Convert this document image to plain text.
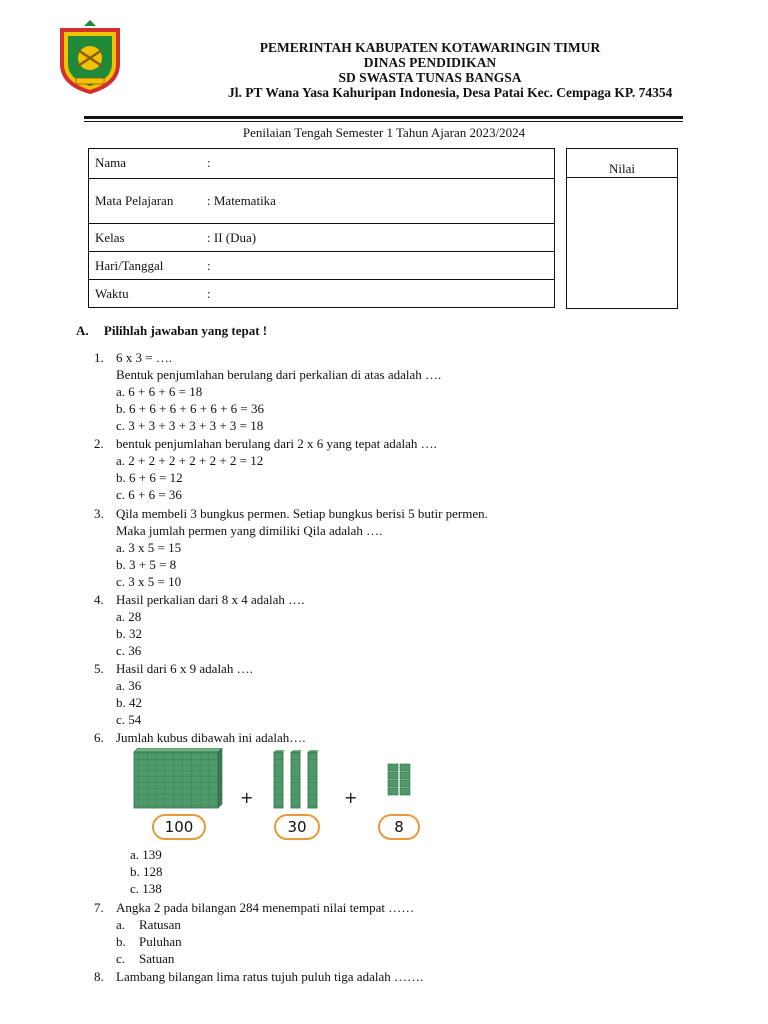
PEMERINTAH KABUPATEN KOTAWARINGIN TIMUR
DINAS PENDIDIKAN
SD SWASTA TUNAS BANGSA
Jl. PT Wana Yasa Kahuripan Indonesia, Desa Patai Kec. Cempaga KP. 74354
Penilaian Tengah Semester 1 Tahun Ajaran 2023/2024
Nama	:
Mata Pelajaran	: Matematika
Kelas	: II (Dua)
Hari/Tanggal	:
Waktu	:
Nilai
A. Pilihlah jawaban yang tepat !
1. 6 x 3 = ….
Bentuk penjumlahan berulang dari perkalian di atas adalah ….
a. 6 + 6 + 6 = 18
b. 6 + 6 + 6 + 6 + 6 + 6 = 36
c. 3 + 3 + 3 + 3 + 3 + 3 = 18
2. bentuk penjumlahan berulang dari 2 x 6 yang tepat adalah ….
a. 2 + 2 + 2 + 2 + 2 + 2 = 12
b. 6 + 6 = 12
c. 6 + 6 = 36
3. Qila membeli 3 bungkus permen. Setiap bungkus berisi 5 butir permen.
Maka jumlah permen yang dimiliki Qila adalah ….
a. 3 x 5 = 15
b. 3 + 5 = 8
c. 3 x 5 = 10
4. Hasil perkalian dari 8 x 4 adalah ….
a. 28
b. 32
c. 36
5. Hasil dari 6 x 9 adalah ….
a. 36
b. 42
c. 54
6. Jumlah kubus dibawah ini adalah….
+	+
100	30	8
a. 139
b. 128
c. 138
7. Angka 2 pada bilangan 284 menempati nilai tempat ……
a. Ratusan
b. Puluhan
c. Satuan
8. Lambang bilangan lima ratus tujuh puluh tiga adalah …….
